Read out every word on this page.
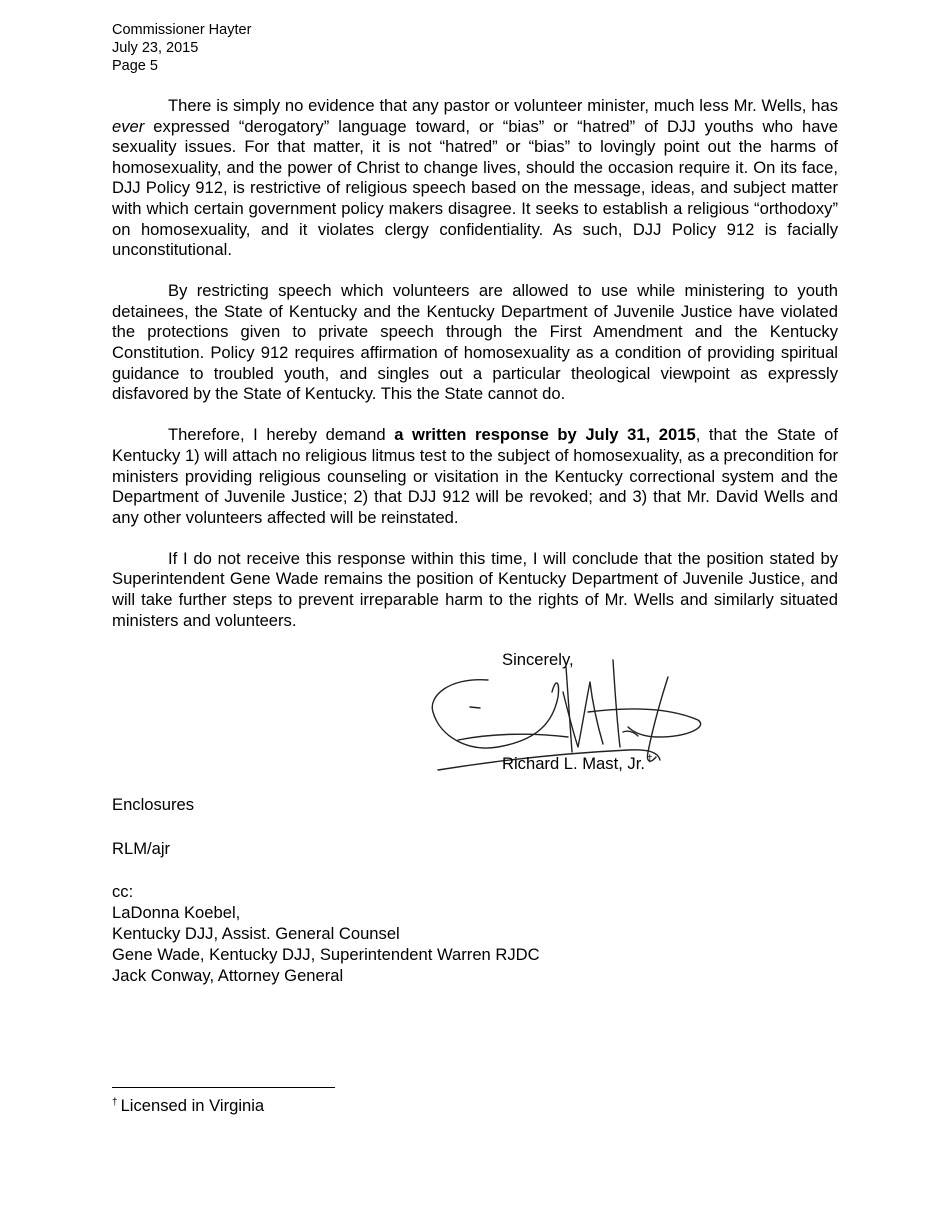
Commissioner Hayter
July 23, 2015
Page 5

There is simply no evidence that any pastor or volunteer minister, much less Mr. Wells, has ever expressed “derogatory” language toward, or “bias” or “hatred” of DJJ youths who have sexuality issues. For that matter, it is not “hatred” or “bias” to lovingly point out the harms of homosexuality, and the power of Christ to change lives, should the occasion require it. On its face, DJJ Policy 912, is restrictive of religious speech based on the message, ideas, and subject matter with which certain government policy makers disagree. It seeks to establish a religious “orthodoxy” on homosexuality, and it violates clergy confidentiality. As such, DJJ Policy 912 is facially unconstitutional.

By restricting speech which volunteers are allowed to use while ministering to youth detainees, the State of Kentucky and the Kentucky Department of Juvenile Justice have violated the protections given to private speech through the First Amendment and the Kentucky Constitution. Policy 912 requires affirmation of homosexuality as a condition of providing spiritual guidance to troubled youth, and singles out a particular theological viewpoint as expressly disfavored by the State of Kentucky. This the State cannot do.

Therefore, I hereby demand a written response by July 31, 2015, that the State of Kentucky 1) will attach no religious litmus test to the subject of homosexuality, as a precondition for ministers providing religious counseling or visitation in the Kentucky correctional system and the Department of Juvenile Justice; 2) that DJJ 912 will be revoked; and 3) that Mr. David Wells and any other volunteers affected will be reinstated.

If I do not receive this response within this time, I will conclude that the position stated by Superintendent Gene Wade remains the position of Kentucky Department of Juvenile Justice, and will take further steps to prevent irreparable harm to the rights of Mr. Wells and similarly situated ministers and volunteers.

Sincerely,
Richard L. Mast, Jr. †
Enclosures
RLM/ajr
cc:
LaDonna Koebel,
Kentucky DJJ, Assist. General Counsel
Gene Wade, Kentucky DJJ, Superintendent Warren RJDC
Jack Conway, Attorney General
† Licensed in Virginia
